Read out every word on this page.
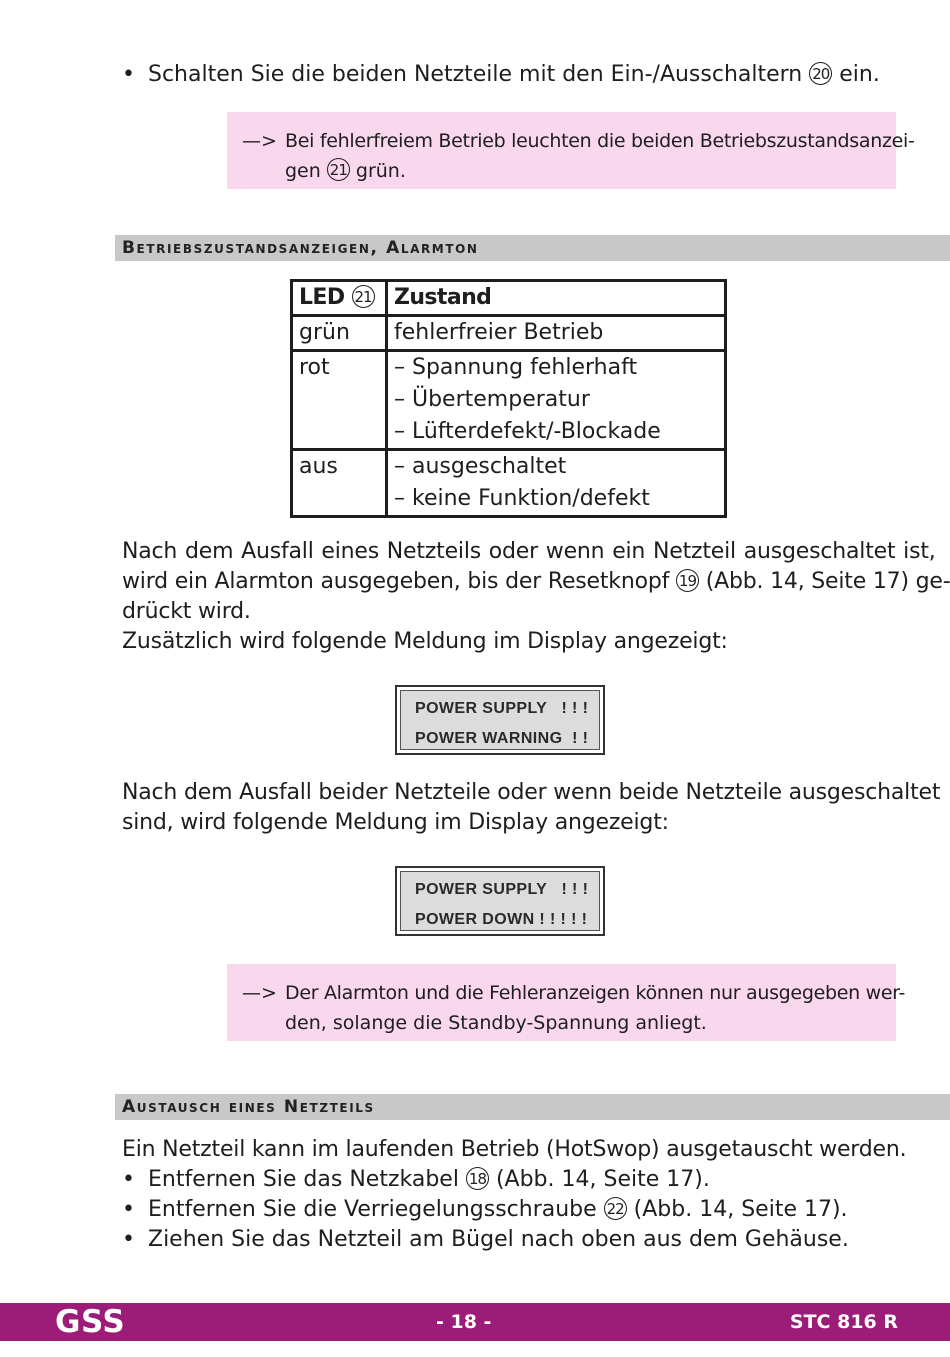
• Schalten Sie die beiden Netzteile mit den Ein-/Ausschaltern 20 ein.
—> Bei fehlerfreiem Betrieb leuchten die beiden Betriebszustandsanzei-
gen 21 grün.
Betriebszustandsanzeigen, Alarmton
LED 21	Zustand
grün	fehlerfreier Betrieb

rot	– Spannung fehlerhaft
– Übertemperatur
– Lüfterdefekt/-Blockade

aus	– ausgeschaltet
– keine Funktion/defekt
Nach dem Ausfall eines Netzteils oder wenn ein Netzteil ausgeschaltet ist,
wird ein Alarmton ausgegeben, bis der Resetknopf 19 (Abb. 14, Seite 17) ge-
drückt wird.
Zusätzlich wird folgende Meldung im Display angezeigt:
POWER SUPPLY   ! ! !
POWER WARNING  ! !
Nach dem Ausfall beider Netzteile oder wenn beide Netzteile ausgeschaltet
sind, wird folgende Meldung im Display angezeigt:
POWER SUPPLY   ! ! !
POWER DOWN ! ! ! ! !
—> Der Alarmton und die Fehleranzeigen können nur ausgegeben wer-
den, solange die Standby-Spannung anliegt.
Austausch eines Netzteils
Ein Netzteil kann im laufenden Betrieb (HotSwop) ausgetauscht werden.
• Entfernen Sie das Netzkabel 18 (Abb. 14, Seite 17).
• Entfernen Sie die Verriegelungsschraube 22 (Abb. 14, Seite 17).
• Ziehen Sie das Netzteil am Bügel nach oben aus dem Gehäuse.
GSS	- 18 -	STC 816 R
